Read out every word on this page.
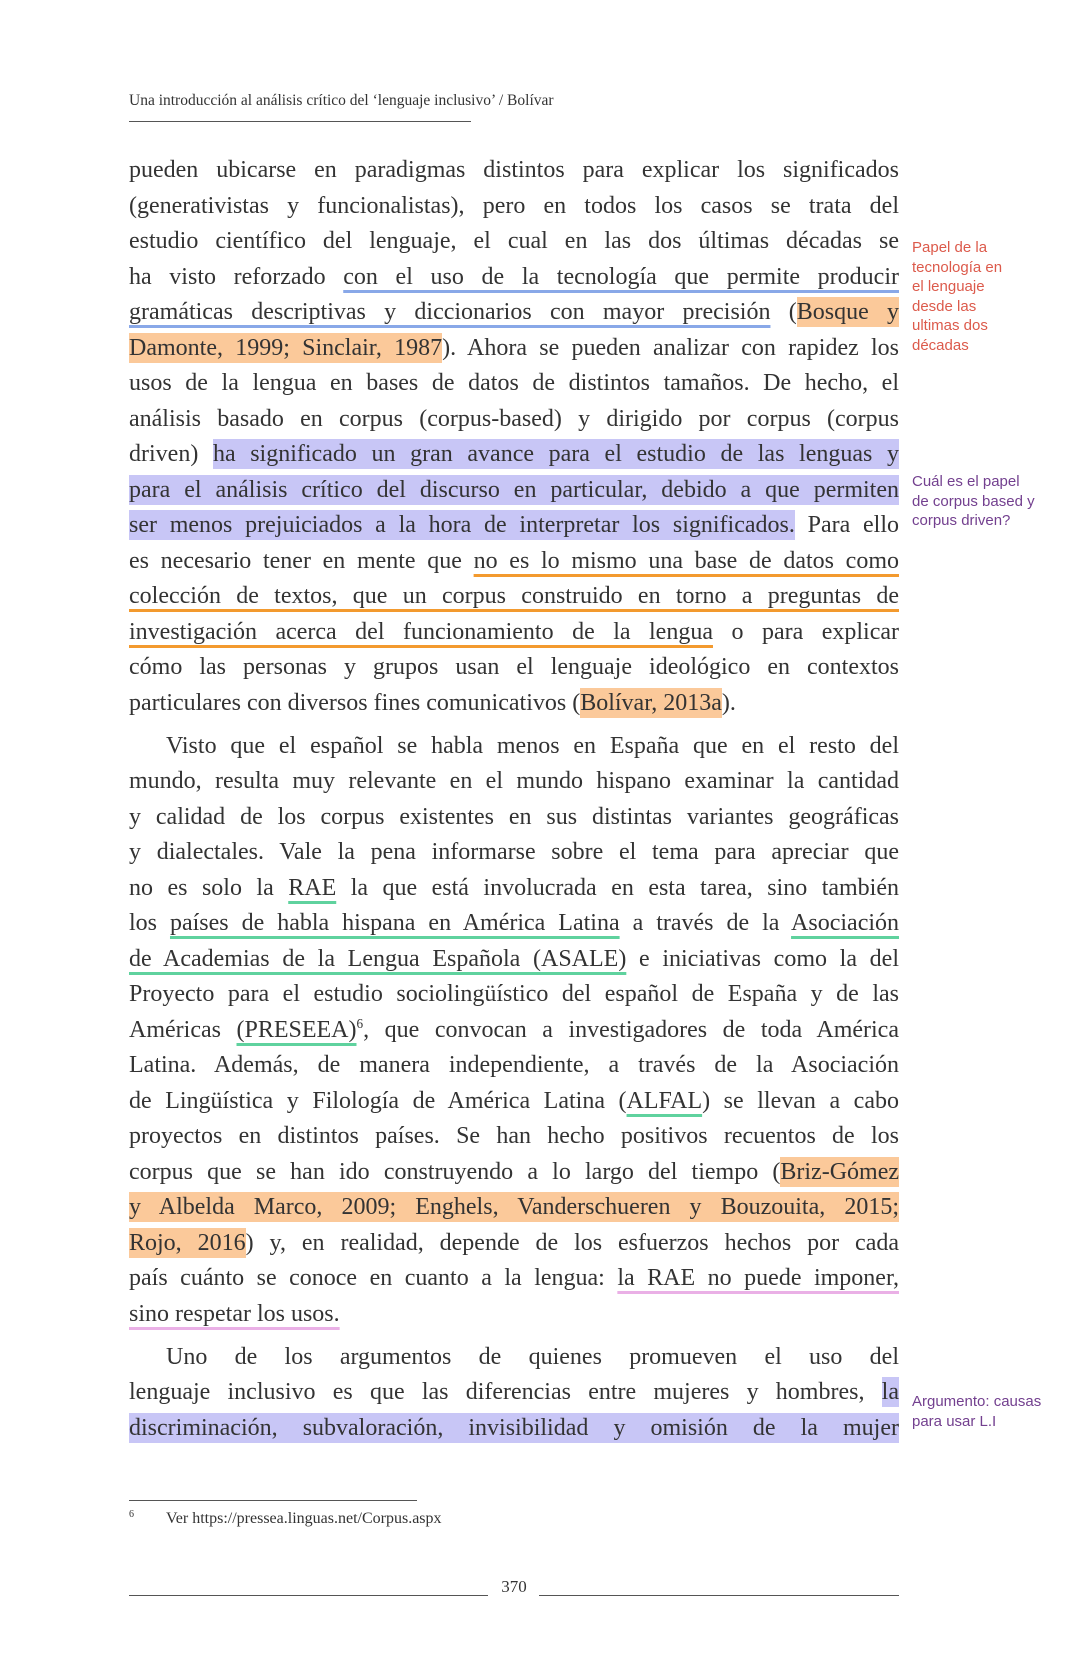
Una introducción al análisis crítico del ‘lenguaje inclusivo’ / Bolívar
pueden ubicarse en paradigmas distintos para explicar los significados
(generativistas y funcionalistas), pero en todos los casos se trata del
estudio científico del lenguaje, el cual en las dos últimas décadas se
ha visto reforzado con el uso de la tecnología que permite producir
gramáticas descriptivas y diccionarios con mayor precisión (Bosque y
Damonte, 1999; Sinclair, 1987). Ahora se pueden analizar con rapidez los
usos de la lengua en bases de datos de distintos tamaños. De hecho, el
análisis basado en corpus (corpus-based) y dirigido por corpus (corpus
driven) ha significado un gran avance para el estudio de las lenguas y
para el análisis crítico del discurso en particular, debido a que permiten
ser menos prejuiciados a la hora de interpretar los significados. Para ello
es necesario tener en mente que no es lo mismo una base de datos como
colección de textos, que un corpus construido en torno a preguntas de
investigación acerca del funcionamiento de la lengua o para explicar
cómo las personas y grupos usan el lenguaje ideológico en contextos
particulares con diversos fines comunicativos (Bolívar, 2013a).
Visto que el español se habla menos en España que en el resto del
mundo, resulta muy relevante en el mundo hispano examinar la cantidad
y calidad de los corpus existentes en sus distintas variantes geográficas
y dialectales. Vale la pena informarse sobre el tema para apreciar que
no es solo la RAE la que está involucrada en esta tarea, sino también
los países de habla hispana en América Latina a través de la Asociación
de Academias de la Lengua Española (ASALE) e iniciativas como la del
Proyecto para el estudio sociolingüístico del español de España y de las
Américas (PRESEEA)$^6$, que convocan a investigadores de toda América
Latina. Además, de manera independiente, a través de la Asociación
de Lingüística y Filología de América Latina (ALFAL) se llevan a cabo
proyectos en distintos países. Se han hecho positivos recuentos de los
corpus que se han ido construyendo a lo largo del tiempo (Briz-Gómez
y Albelda Marco, 2009; Enghels, Vanderschueren y Bouzouita, 2015;
Rojo, 2016) y, en realidad, depende de los esfuerzos hechos por cada
país cuánto se conoce en cuanto a la lengua: la RAE no puede imponer,
sino respetar los usos.
Uno de los argumentos de quienes promueven el uso del
lenguaje inclusivo es que las diferencias entre mujeres y hombres, la
discriminación, subvaloración, invisibilidad y omisión de la mujer
Papel de la
tecnología en
el lenguaje
desde las
ultimas dos
décadas
Cuál es el papel
de corpus based y
corpus driven?
Argumento: causas
para usar L.I
6 Ver https://pressea.linguas.net/Corpus.aspx
370
